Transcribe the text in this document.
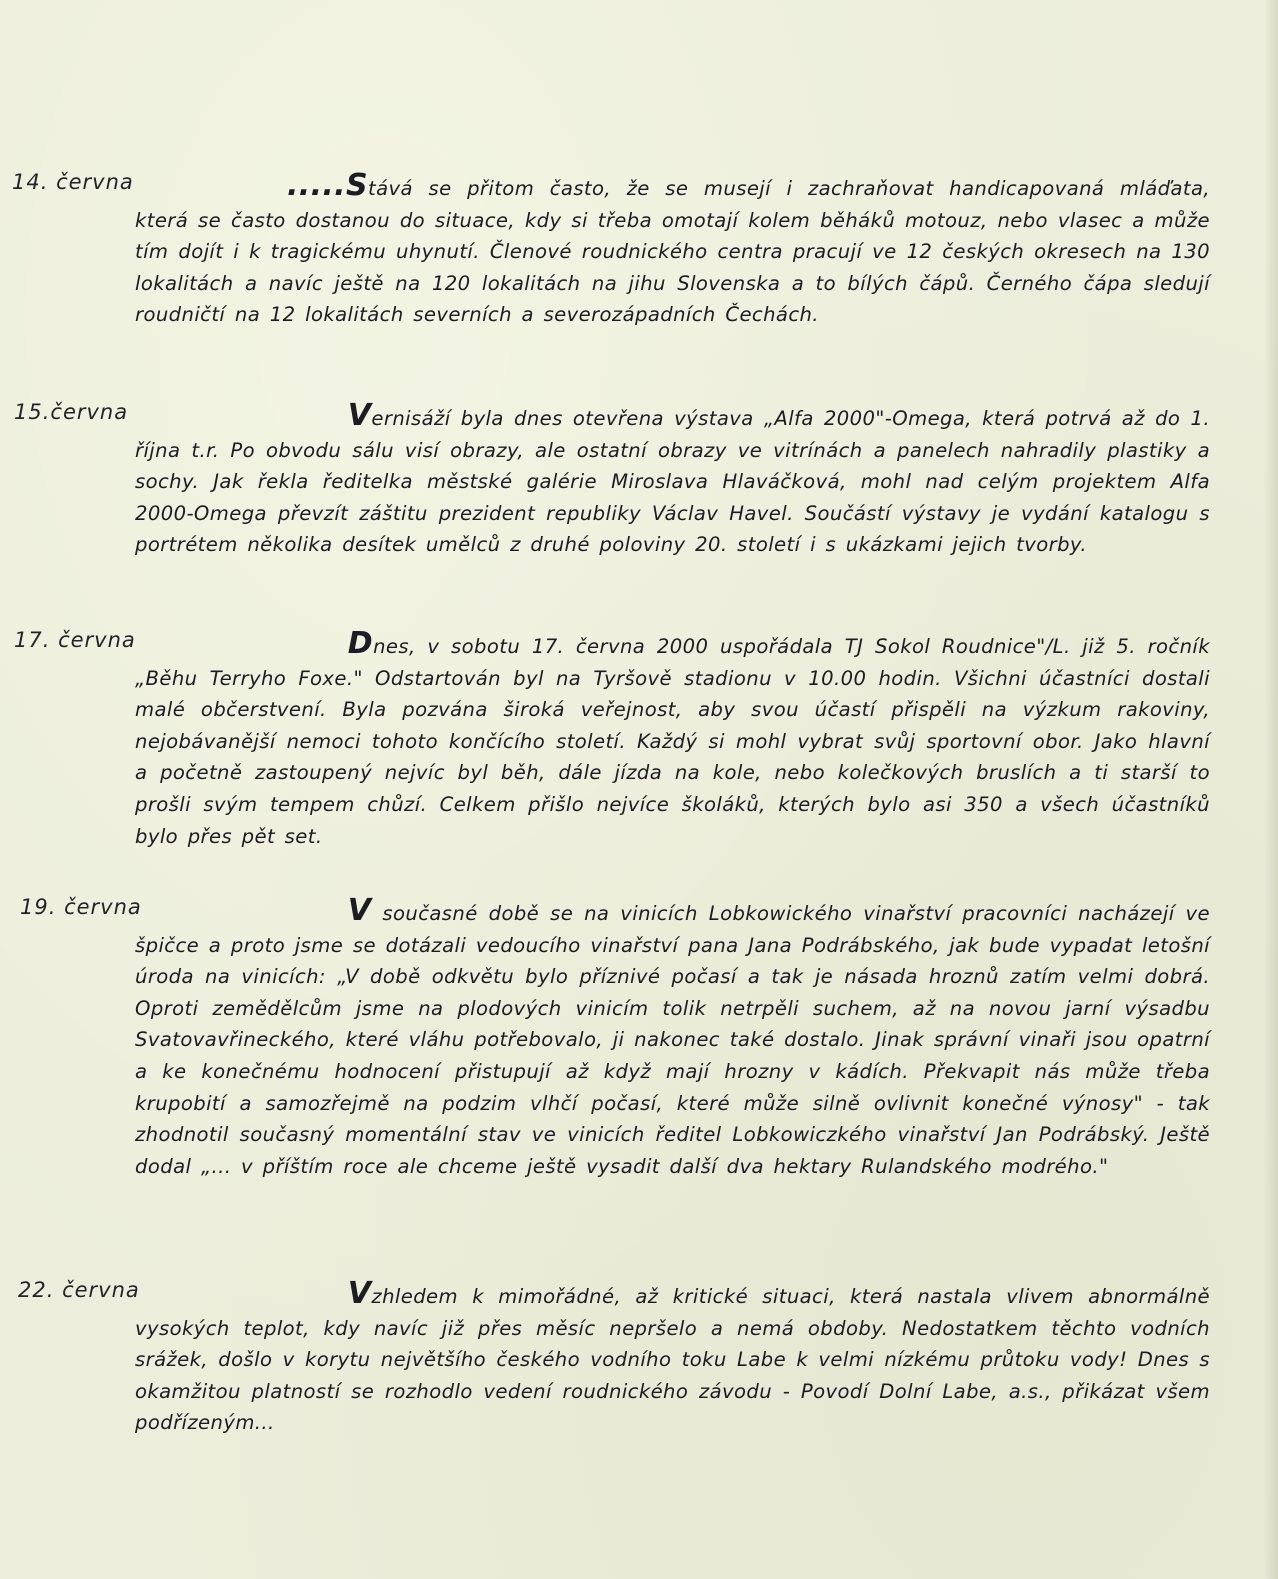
14. června      .....Stává se přitom často, že se musejí i zachraňovat handicapovaná mláďata, která se často dostanou do situace, kdy si třeba omotají kolem běháků motouz, nebo vlasec a může tím dojít i k tragickému uhynutí. Členové roudnického centra pracují ve 12 českých okresech na 130 lokalitách a navíc ještě na 120 lokalitách na jihu Slovenska a to bílých čápů. Černého čápa sledují roudničtí na 12 lokalitách severních a severozápadních Čechách.
15.června        Vernisáží byla dnes otevřena výstava „Alfa 2000"-Omega, která potrvá až do 1. října t.r. Po obvodu sálu visí obrazy, ale ostatní obrazy ve vitrínách a panelech nahradily plastiky a sochy. Jak řekla ředitelka městské galérie Miroslava Hlaváčková, mohl nad celým projektem Alfa 2000-Omega převzít záštitu prezident republiky Václav Havel. Součástí výstavy je vydání katalogu s portrétem několika desítek umělců z druhé poloviny 20. století i s ukázkami jejich tvorby.
17. června        Dnes, v sobotu 17. června 2000 uspořádala TJ Sokol Roudnice"/L. již 5. ročník „Běhu Terryho Foxe." Odstartován byl na Tyršově stadionu v 10.00 hodin. Všichni účastníci dostali malé občerstvení. Byla pozvána široká veřejnost, aby svou účastí přispěli na výzkum rakoviny, nejobávanější nemoci tohoto končícího století. Každý si mohl vybrat svůj sportovní obor. Jako hlavní a početně zastoupený nejvíc byl běh, dále jízda na kole, nebo kolečkových bruslích a ti starší to prošli svým tempem chůzí. Celkem přišlo nejvíce školáků, kterých bylo asi 350 a všech účastníků bylo přes pět set.
19. června
       V současné době se na vinicích Lobkowického vinařství pracovníci nacházejí ve špičce a proto jsme se dotázali vedoucího vinařství pana Jana Podrábského, jak bude vypadat letošní úroda na vinicích: „V době odkvětu bylo příznivé počasí a tak je násada hroznů zatím velmi dobrá. Oproti zemědělcům jsme na plodových vinicím tolik netrpěli suchem, až na novou jarní výsadbu Svatovavřineckého, které vláhu potřebovalo, ji nakonec také dostalo. Jinak správní vinaři jsou opatrní a ke konečnému hodnocení přistupují až když mají hrozny v kádích. Překvapit nás může třeba krupobití a samozřejmě na podzim vlhčí počasí, které může silně ovlivnit konečné výnosy" - tak zhodnotil současný momentální stav ve vinicích ředitel Lobkowiczkého vinařství Jan Podrábský. Ještě dodal „... v příštím roce ale chceme ještě vysadit další dva hektary Rulandského modrého."
22. června
       Vzhledem k mimořádné, až kritické situaci, která nastala vlivem abnormálně vysokých teplot, kdy navíc již přes měsíc nepršelo a nemá obdoby. Nedostatkem těchto vodních srážek, došlo v korytu největšího českého vodního toku Labe k velmi nízkému průtoku vody! Dnes s okamžitou platností se rozhodlo vedení roudnického závodu - Povodí Dolní Labe, a.s., přikázat všem podřízeným...
